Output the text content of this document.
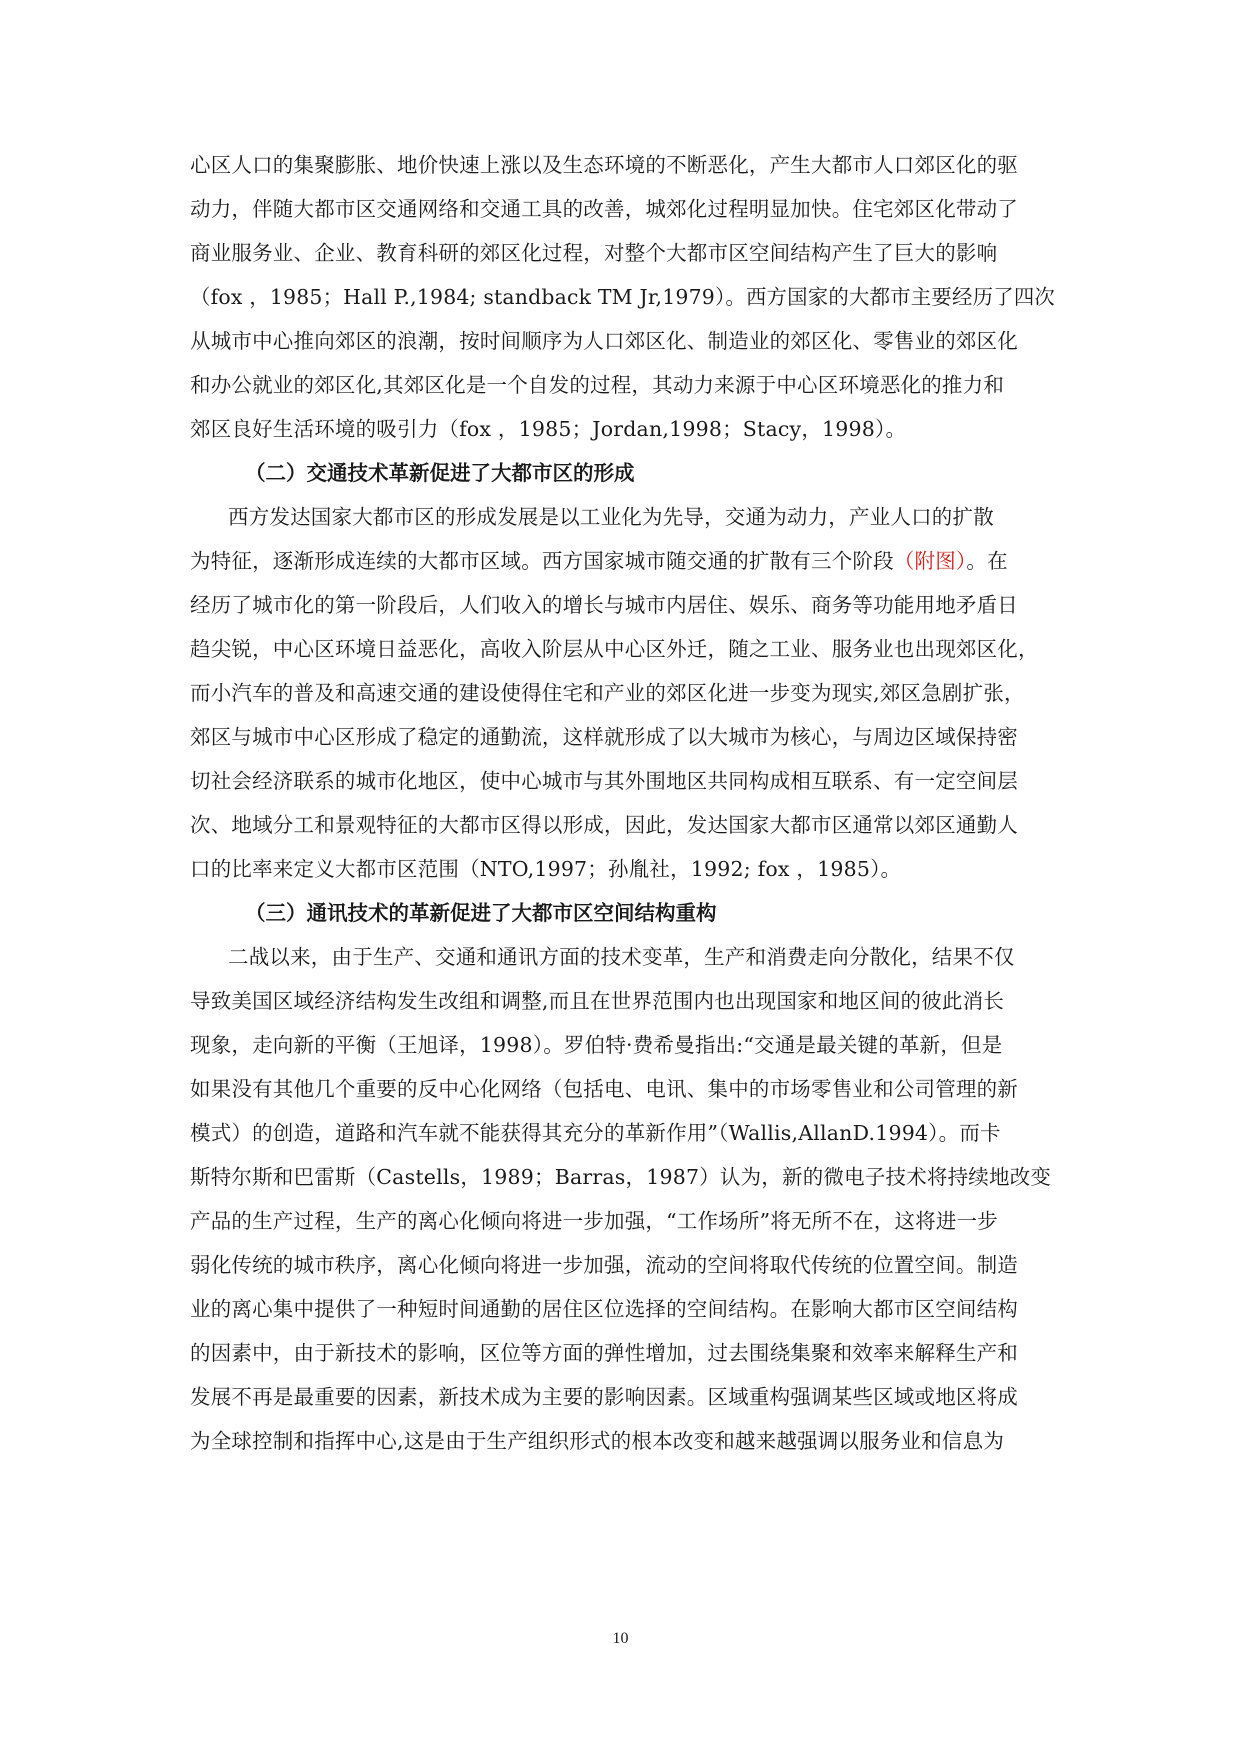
心区人口的集聚膨胀、地价快速上涨以及生态环境的不断恶化，产生大都市人口郊区化的驱
动力，伴随大都市区交通网络和交通工具的改善，城郊化过程明显加快。住宅郊区化带动了
商业服务业、企业、教育科研的郊区化过程，对整个大都市区空间结构产生了巨大的影响
（fox ，1985；Hall P.,1984; standback TM Jr,1979）。西方国家的大都市主要经历了四次
从城市中心推向郊区的浪潮，按时间顺序为人口郊区化、制造业的郊区化、零售业的郊区化
和办公就业的郊区化,其郊区化是一个自发的过程，其动力来源于中心区环境恶化的推力和
郊区良好生活环境的吸引力（fox ，1985；Jordan,1998；Stacy，1998）。
（二）交通技术革新促进了大都市区的形成
西方发达国家大都市区的形成发展是以工业化为先导，交通为动力，产业人口的扩散
为特征，逐渐形成连续的大都市区域。西方国家城市随交通的扩散有三个阶段（附图）。在
经历了城市化的第一阶段后，人们收入的增长与城市内居住、娱乐、商务等功能用地矛盾日
趋尖锐，中心区环境日益恶化，高收入阶层从中心区外迁，随之工业、服务业也出现郊区化，
而小汽车的普及和高速交通的建设使得住宅和产业的郊区化进一步变为现实,郊区急剧扩张，
郊区与城市中心区形成了稳定的通勤流，这样就形成了以大城市为核心，与周边区域保持密
切社会经济联系的城市化地区，使中心城市与其外围地区共同构成相互联系、有一定空间层
次、地域分工和景观特征的大都市区得以形成，因此，发达国家大都市区通常以郊区通勤人
口的比率来定义大都市区范围（NTO,1997；孙胤社，1992; fox ，1985）。
（三）通讯技术的革新促进了大都市区空间结构重构
二战以来，由于生产、交通和通讯方面的技术变革，生产和消费走向分散化，结果不仅
导致美国区域经济结构发生改组和调整,而且在世界范围内也出现国家和地区间的彼此消长
现象，走向新的平衡（王旭译，1998）。罗伯特·费希曼指出:“交通是最关键的革新，但是
如果没有其他几个重要的反中心化网络（包括电、电讯、集中的市场零售业和公司管理的新
模式）的创造，道路和汽车就不能获得其充分的革新作用”（Wallis,AllanD.1994）。而卡
斯特尔斯和巴雷斯（Castells，1989；Barras，1987）认为，新的微电子技术将持续地改变
产品的生产过程，生产的离心化倾向将进一步加强，“工作场所”将无所不在，这将进一步
弱化传统的城市秩序，离心化倾向将进一步加强，流动的空间将取代传统的位置空间。制造
业的离心集中提供了一种短时间通勤的居住区位选择的空间结构。在影响大都市区空间结构
的因素中，由于新技术的影响，区位等方面的弹性增加，过去围绕集聚和效率来解释生产和
发展不再是最重要的因素，新技术成为主要的影响因素。区域重构强调某些区域或地区将成
为全球控制和指挥中心,这是由于生产组织形式的根本改变和越来越强调以服务业和信息为
10
